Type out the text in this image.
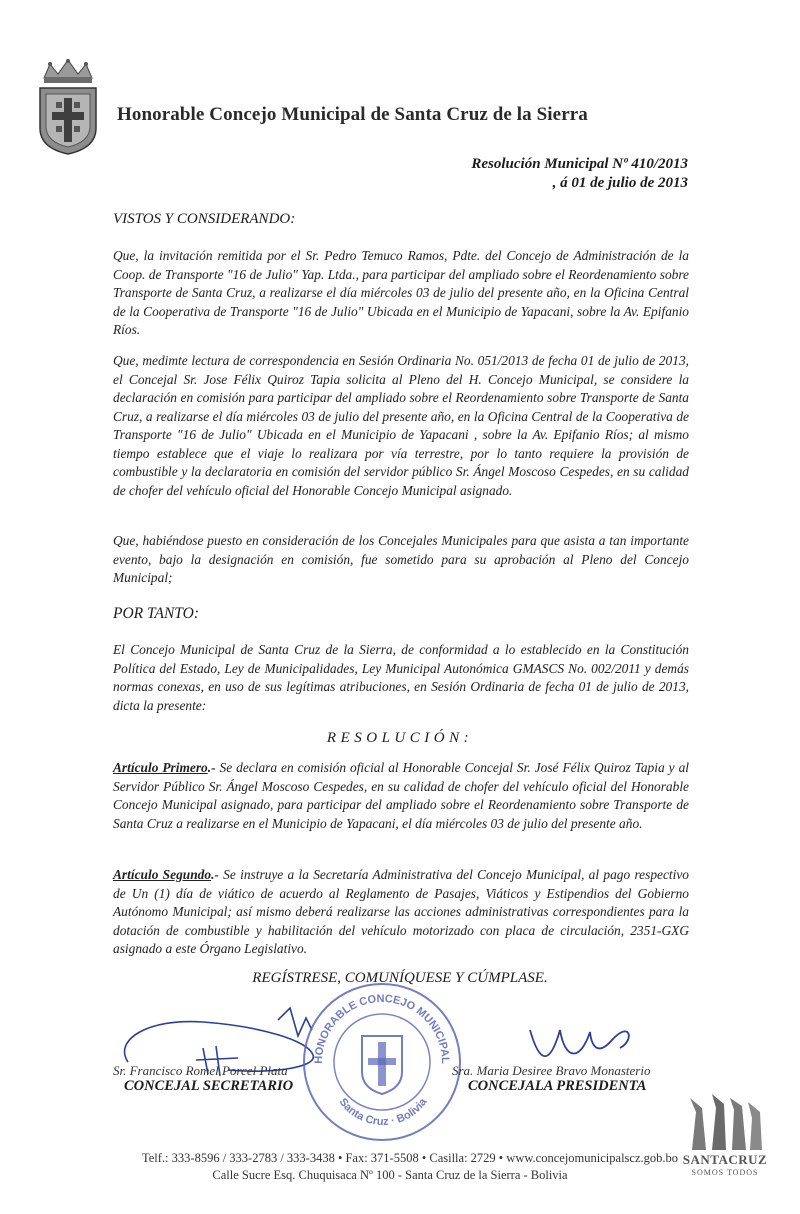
Honorable Concejo Municipal de Santa Cruz de la Sierra
Resolución Municipal Nº 410/2013
, á 01 de julio de 2013
VISTOS Y CONSIDERANDO:
Que, la invitación remitida por el Sr. Pedro Temuco Ramos, Pdte. del Concejo de Administración de la Coop. de Transporte "16 de Julio" Yap. Ltda., para participar del ampliado sobre el Reordenamiento sobre Transporte de Santa Cruz, a realizarse el día miércoles 03 de julio del presente año, en la Oficina Central de la Cooperativa de Transporte "16 de Julio" Ubicada en el Municipio de Yapacani, sobre la Av. Epifanio Ríos.
Que, medimte lectura de correspondencia en Sesión Ordinaria No. 051/2013 de fecha 01 de julio de 2013, el Concejal Sr. Jose Félix Quiroz Tapia solicita al Pleno del H. Concejo Municipal, se considere la declaración en comisión para participar del ampliado sobre el Reordenamiento sobre Transporte de Santa Cruz, a realizarse el día miércoles 03 de julio del presente año, en la Oficina Central de la Cooperativa de Transporte "16 de Julio" Ubicada en el Municipio de Yapacani , sobre la Av. Epifanio Ríos; al mismo tiempo establece que el viaje lo realizara por vía terrestre, por lo tanto requiere la provisión de combustible y la declaratoria en comisión del servidor público Sr. Ángel Moscoso Cespedes, en su calidad de chofer del vehículo oficial del Honorable Concejo Municipal asignado.
Que, habiéndose puesto en consideración de los Concejales Municipales para que asista a tan importante evento, bajo la designación en comisión, fue sometido para su aprobación al Pleno del Concejo Municipal;
POR TANTO:
El Concejo Municipal de Santa Cruz de la Sierra, de conformidad a lo establecido en la Constitución Política del Estado, Ley de Municipalidades, Ley Municipal Autonómica GMASCS No. 002/2011 y demás normas conexas, en uso de sus legítimas atribuciones, en Sesión Ordinaria de fecha 01 de julio de 2013, dicta la presente:
RESOLUCIÓN:
Artículo Primero.- Se declara en comisión oficial al Honorable Concejal Sr. José Félix Quiroz Tapia y al Servidor Público Sr. Ángel Moscoso Cespedes, en su calidad de chofer del vehículo oficial del Honorable Concejo Municipal asignado, para participar del ampliado sobre el Reordenamiento sobre Transporte de Santa Cruz a realizarse en el Municipio de Yapacani, el día miércoles 03 de julio del presente año.
Artículo Segundo.- Se instruye a la Secretaría Administrativa del Concejo Municipal, al pago respectivo de Un (1) día de viático de acuerdo al Reglamento de Pasajes, Viáticos y Estipendios del Gobierno Autónomo Municipal; así mismo deberá realizarse las acciones administrativas correspondientes para la dotación de combustible y habilitación del vehículo motorizado con placa de circulación, 2351-GXG asignado a este Órgano Legislativo.
REGÍSTRESE, COMUNÍQUESE Y CÚMPLASE.
HONORABLE CONCEJO MUNICIPAL
Santa Cruz · Bolivia
Sr. Francisco Romel Porcel Plata
CONCEJAL SECRETARIO
Sra. Maria Desiree Bravo Monasterio
CONCEJALA PRESIDENTA
SANTACRUZ
SOMOS TODOS
Telf.: 333-8596 / 333-2783 / 333-3438 • Fax: 371-5508 • Casilla: 2729 • www.concejomunicipalscz.gob.bo
Calle Sucre Esq. Chuquisaca Nº 100 - Santa Cruz de la Sierra - Bolivia
